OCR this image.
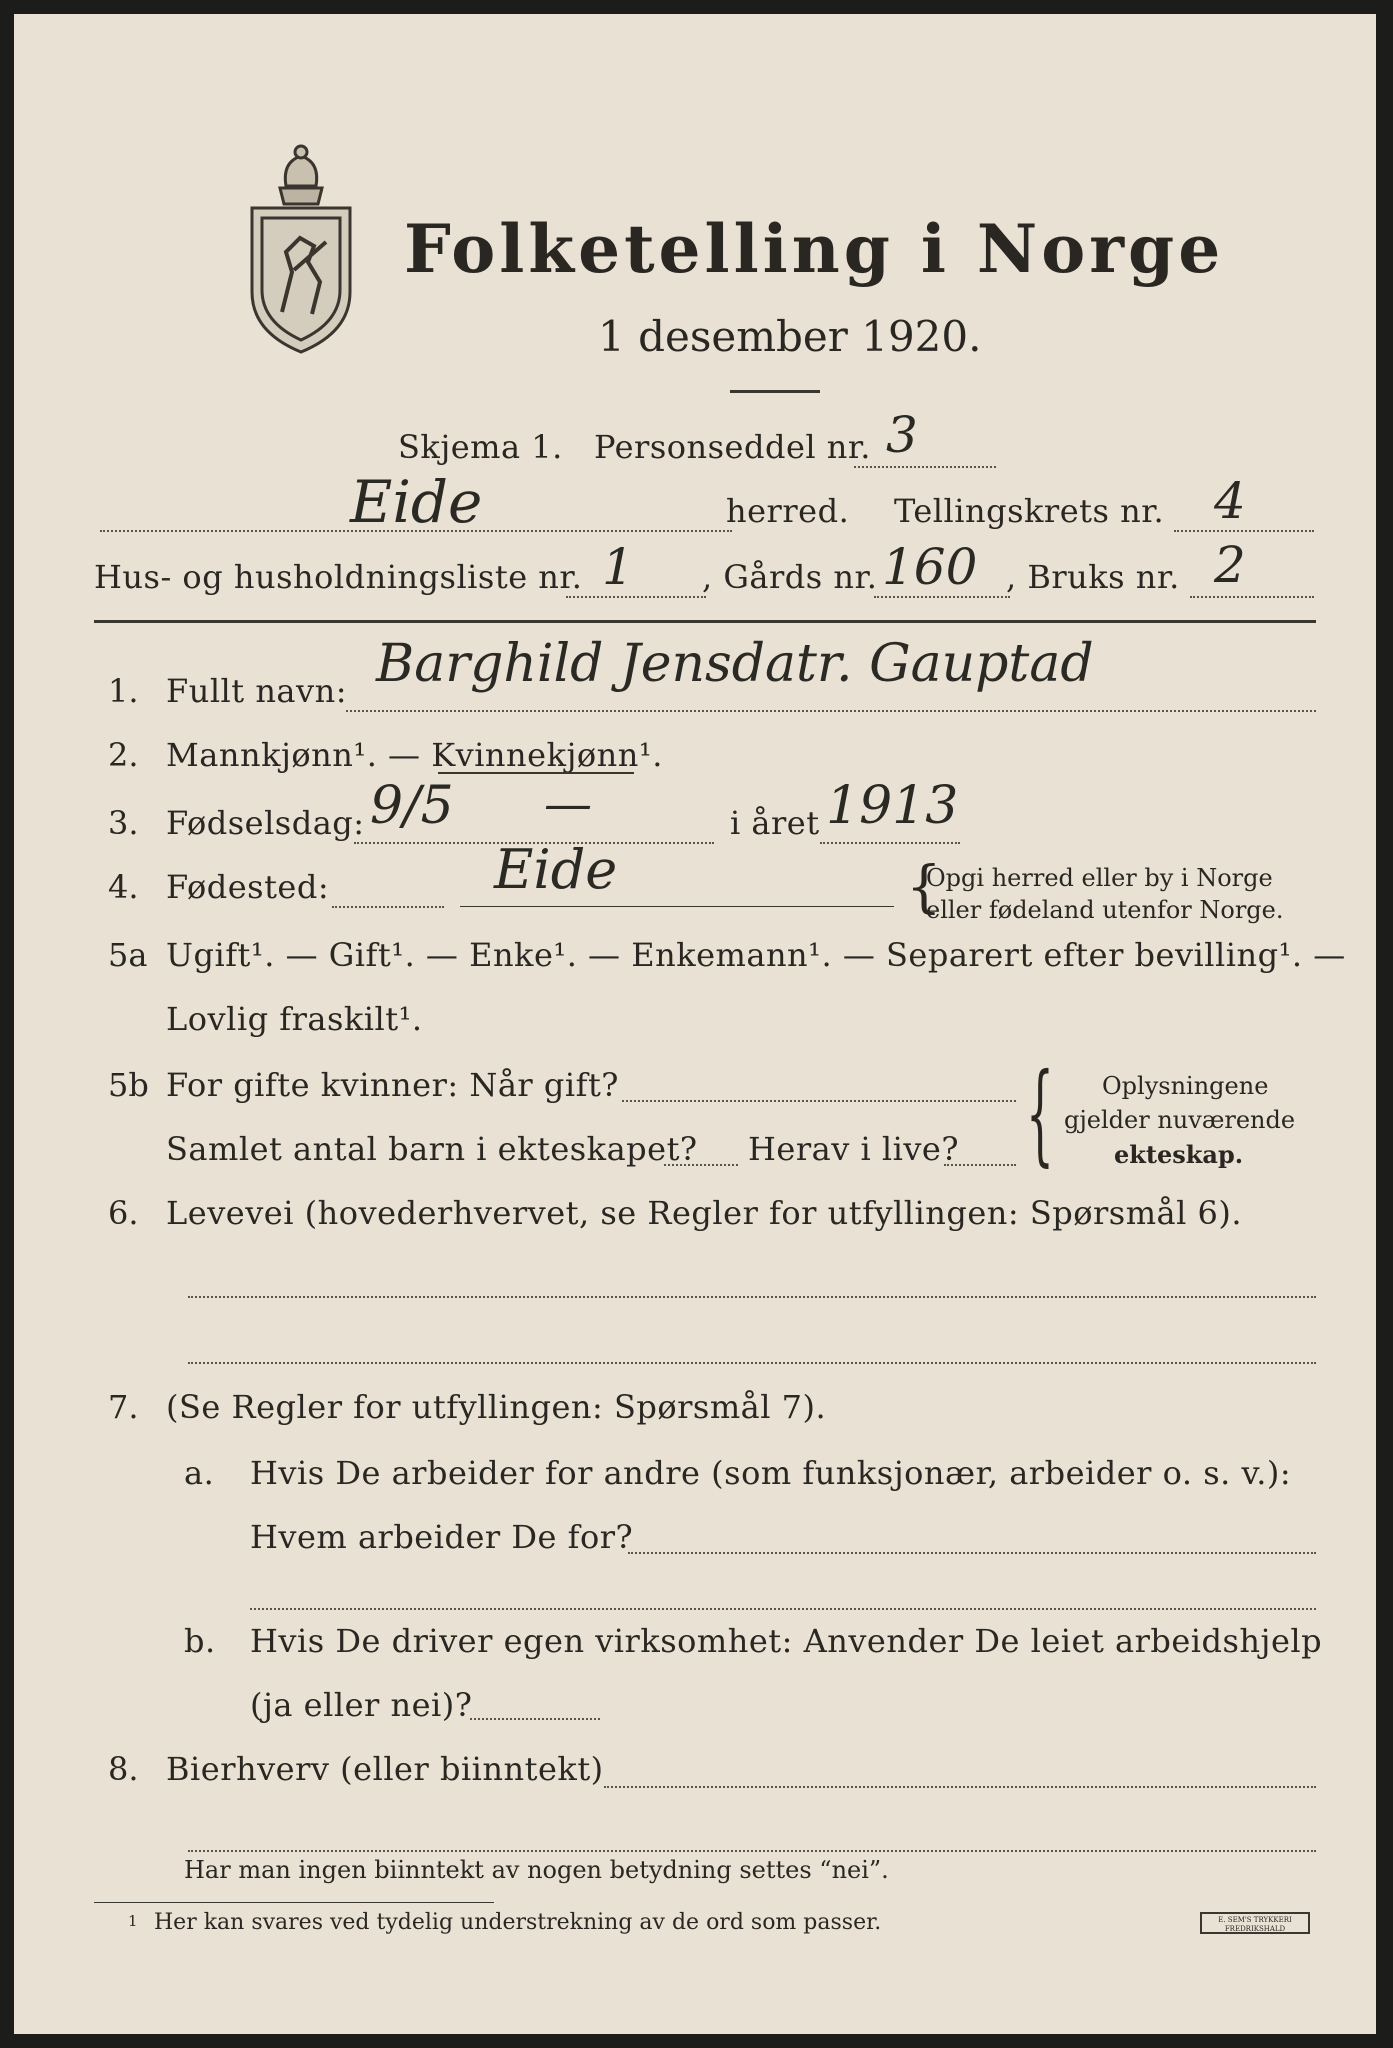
Folketelling i Norge
1 desember 1920.
Skjema 1. Personseddel nr. 3
Eide	herred. Tellingskrets nr. 4
Hus- og husholdningsliste nr. 1 , Gårds nr. 160 , Bruks nr. 2
1. Fullt navn: Barghild Jensdatr. Gauptad
2. Mannkjønn¹. — Kvinnekjønn¹.
3. Fødselsdag: 9/5 —	i året 1913
4. Fødested:	Eide	{
Opgi herred eller by i Norge
eller fødeland utenfor Norge.
5a Ugift¹. — Gift¹. — Enke¹. — Enkemann¹. — Separert efter bevilling¹. —
Lovlig fraskilt¹.
5b For gifte kvinner: Når gift?
Samlet antal barn i ekteskapet? Herav i live? { Oplysningene
gjelder nuværende
ekteskap.
6. Levevei (hovederhvervet, se Regler for utfyllingen: Spørsmål 6).
7. (Se Regler for utfyllingen: Spørsmål 7).
a. Hvis De arbeider for andre (som funksjonær, arbeider o. s. v.):
Hvem arbeider De for?
b. Hvis De driver egen virksomhet: Anvender De leiet arbeidshjelp
(ja eller nei)?
8. Bierhverv (eller biinntekt)
Har man ingen biinntekt av nogen betydning settes “nei”.
1 Her kan svares ved tydelig understrekning av de ord som passer.	E. SEM'S TRYKKERI
FREDRIKSHALD
